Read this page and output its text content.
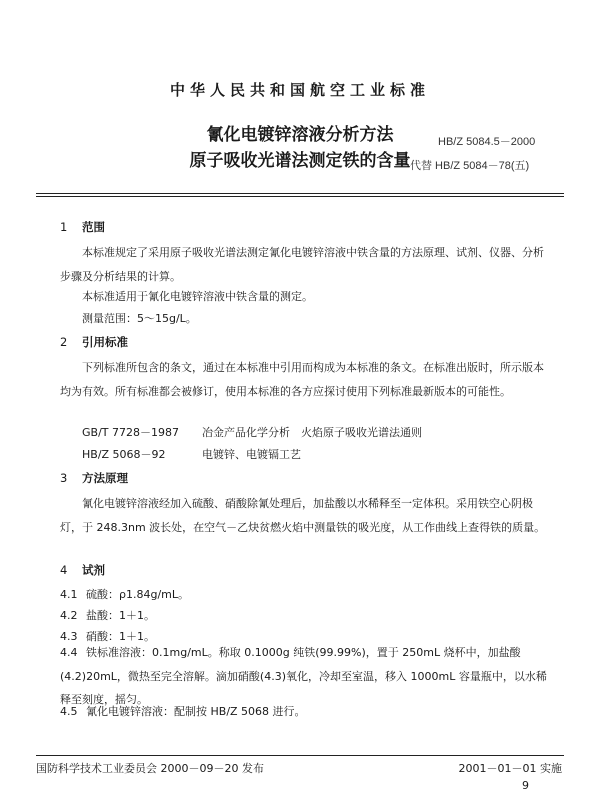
中华人民共和国航空工业标准
氰化电镀锌溶液分析方法
原子吸收光谱法测定铁的含量
HB/Z 5084.5－2000
代替 HB/Z 5084－78(五)
1 范围
本标准规定了采用原子吸收光谱法测定氰化电镀锌溶液中铁含量的方法原理、试剂、仪器、分析步骤及分析结果的计算。
本标准适用于氰化电镀锌溶液中铁含量的测定。
测量范围：5～15g/L。
2 引用标准
下列标准所包含的条文，通过在本标准中引用而构成为本标准的条文。在标准出版时，所示版本均为有效。所有标准都会被修订，使用本标准的各方应探讨使用下列标准最新版本的可能性。
GB/T 7728－1987 冶金产品化学分析　火焰原子吸收光谱法通则
HB/Z 5068－92	电镀锌、电镀镉工艺
3 方法原理
氰化电镀锌溶液经加入硫酸、硝酸除氰处理后，加盐酸以水稀释至一定体积。采用铁空心阴极灯，于 248.3nm 波长处，在空气－乙炔贫燃火焰中测量铁的吸光度，从工作曲线上查得铁的质量。
4 试剂
4.1 硫酸：ρ1.84g/mL。
4.2 盐酸：1＋1。
4.3 硝酸：1＋1。
4.4 铁标准溶液：0.1mg/mL。称取 0.1000g 纯铁(99.99%)，置于 250mL 烧杯中，加盐酸(4.2)20mL，微热至完全溶解。滴加硝酸(4.3)氧化，冷却至室温，移入 1000mL 容量瓶中，以水稀释至刻度，摇匀。
4.5 氰化电镀锌溶液：配制按 HB/Z 5068 进行。
国防科学技术工业委员会 2000－09－20 发布	2001－01－01 实施
9
